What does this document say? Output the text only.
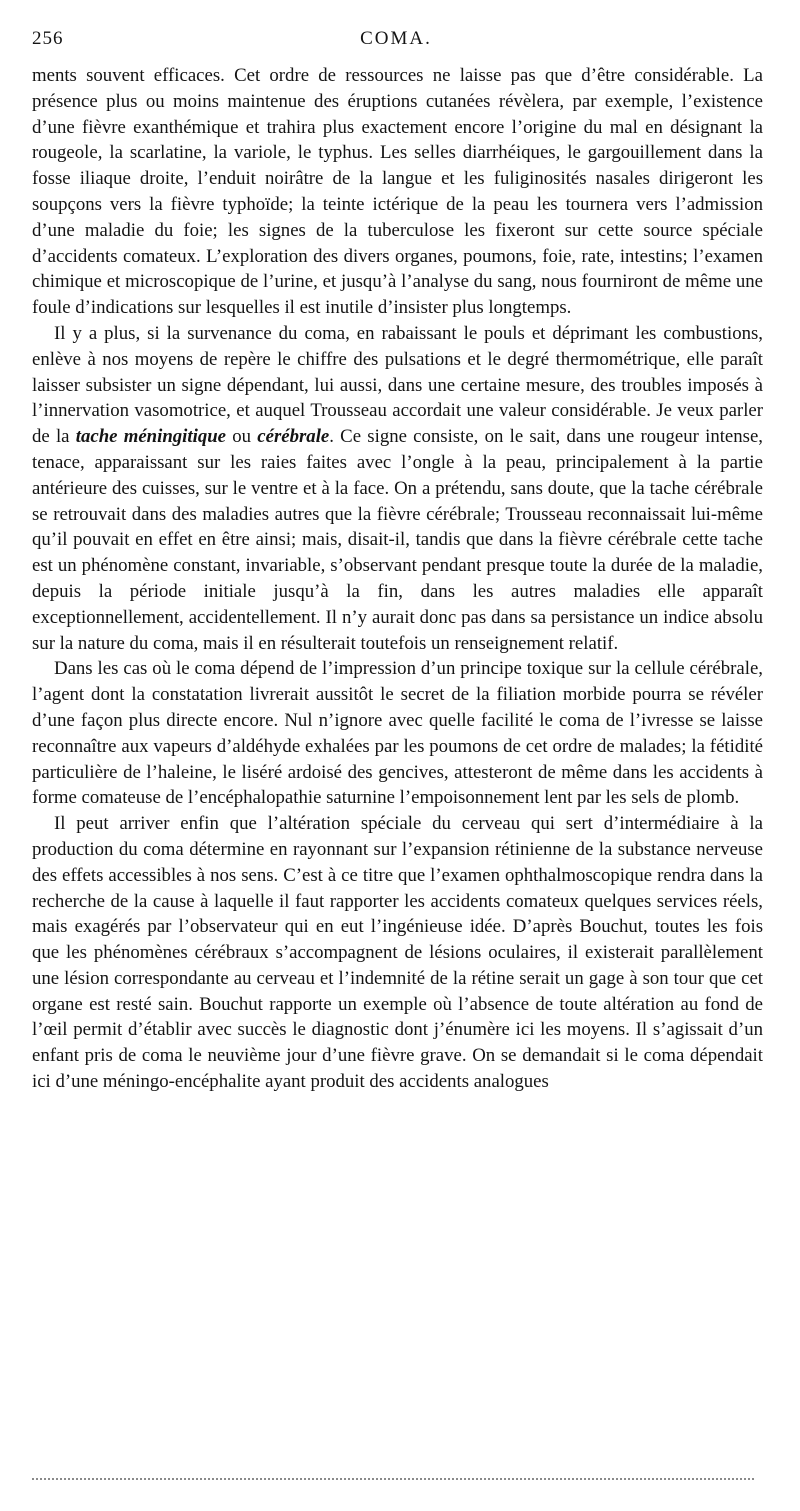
256	COMA.

ments souvent efficaces. Cet ordre de ressources ne laisse pas que d’être considérable. La présence plus ou moins maintenue des éruptions cutanées révèlera, par exemple, l’existence d’une fièvre exanthémique et trahira plus exactement encore l’origine du mal en désignant la rougeole, la scarlatine, la variole, le typhus. Les selles diarrhéiques, le gargouillement dans la fosse iliaque droite, l’enduit noirâtre de la langue et les fuliginosités nasales dirigeront les soupçons vers la fièvre typhoïde; la teinte ictérique de la peau les tournera vers l’admission d’une maladie du foie; les signes de la tuberculose les fixeront sur cette source spéciale d’accidents comateux. L’exploration des divers organes, poumons, foie, rate, intestins; l’examen chimique et microscopique de l’urine, et jusqu’à l’analyse du sang, nous fourniront de même une foule d’indications sur lesquelles il est inutile d’insister plus longtemps.

Il y a plus, si la survenance du coma, en rabaissant le pouls et déprimant les combustions, enlève à nos moyens de repère le chiffre des pulsations et le degré thermométrique, elle paraît laisser subsister un signe dépendant, lui aussi, dans une certaine mesure, des troubles imposés à l’innervation vasomotrice, et auquel Trousseau accordait une valeur considérable. Je veux parler de la tache méningitique ou cérébrale. Ce signe consiste, on le sait, dans une rougeur intense, tenace, apparaissant sur les raies faites avec l’ongle à la peau, principalement à la partie antérieure des cuisses, sur le ventre et à la face. On a prétendu, sans doute, que la tache cérébrale se retrouvait dans des maladies autres que la fièvre cérébrale; Trousseau reconnaissait lui-même qu’il pouvait en effet en être ainsi; mais, disait-il, tandis que dans la fièvre cérébrale cette tache est un phénomène constant, invariable, s’observant pendant presque toute la durée de la maladie, depuis la période initiale jusqu’à la fin, dans les autres maladies elle apparaît exceptionnellement, accidentellement. Il n’y aurait donc pas dans sa persistance un indice absolu sur la nature du coma, mais il en résulterait toutefois un renseignement relatif.

Dans les cas où le coma dépend de l’impression d’un principe toxique sur la cellule cérébrale, l’agent dont la constatation livrerait aussitôt le secret de la filiation morbide pourra se révéler d’une façon plus directe encore. Nul n’ignore avec quelle facilité le coma de l’ivresse se laisse reconnaître aux vapeurs d’aldéhyde exhalées par les poumons de cet ordre de malades; la fétidité particulière de l’haleine, le liséré ardoisé des gencives, attesteront de même dans les accidents à forme comateuse de l’encéphalopathie saturnine l’empoisonnement lent par les sels de plomb.

Il peut arriver enfin que l’altération spéciale du cerveau qui sert d’intermédiaire à la production du coma détermine en rayonnant sur l’expansion rétinienne de la substance nerveuse des effets accessibles à nos sens. C’est à ce titre que l’examen ophthalmoscopique rendra dans la recherche de la cause à laquelle il faut rapporter les accidents comateux quelques services réels, mais exagérés par l’observateur qui en eut l’ingénieuse idée. D’après Bouchut, toutes les fois que les phénomènes cérébraux s’accompagnent de lésions oculaires, il existerait parallèlement une lésion correspondante au cerveau et l’indemnité de la rétine serait un gage à son tour que cet organe est resté sain. Bouchut rapporte un exemple où l’absence de toute altération au fond de l’œil permit d’établir avec succès le diagnostic dont j’énumère ici les moyens. Il s’agissait d’un enfant pris de coma le neuvième jour d’une fièvre grave. On se demandait si le coma dépendait ici d’une méningo-encéphalite ayant produit des accidents analogues
